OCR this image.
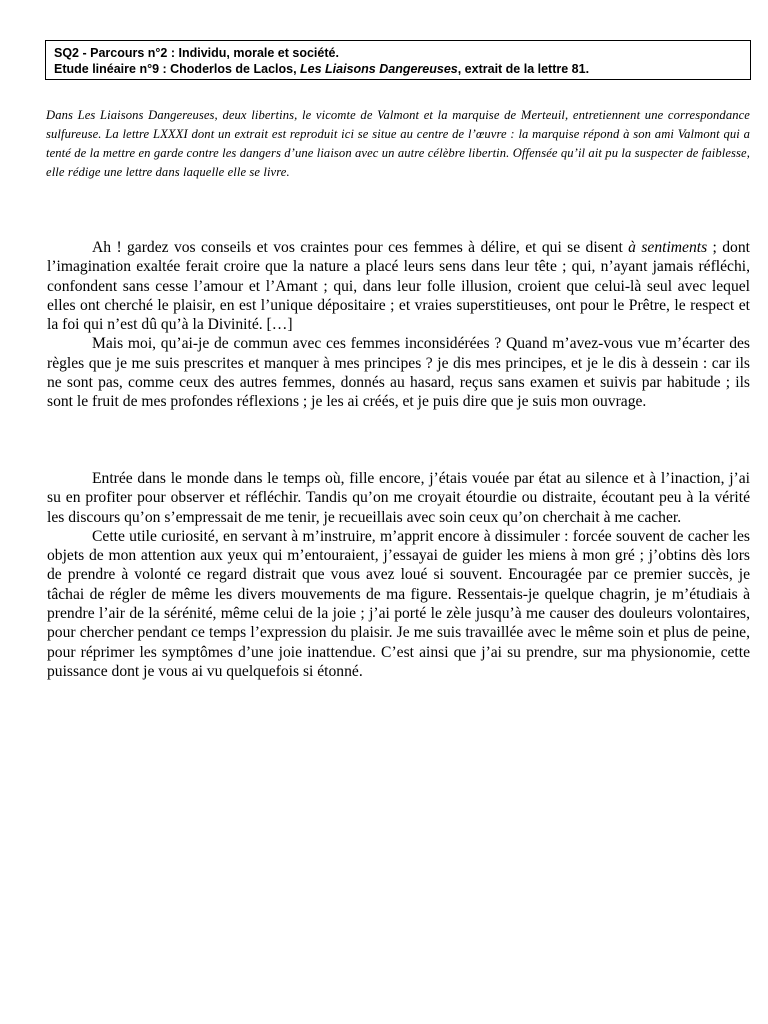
SQ2 - Parcours n°2 : Individu, morale et société.
Etude linéaire n°9 : Choderlos de Laclos, Les Liaisons Dangereuses, extrait de la lettre 81.
Dans Les Liaisons Dangereuses, deux libertins, le vicomte de Valmont et la marquise de Merteuil, entretiennent une correspondance sulfureuse. La lettre LXXXI dont un extrait est reproduit ici se situe au centre de l’œuvre : la marquise répond à son ami Valmont qui a tenté de la mettre en garde contre les dangers d’une liaison avec un autre célèbre libertin. Offensée qu’il ait pu la suspecter de faiblesse, elle rédige une lettre dans laquelle elle se livre.

Ah ! gardez vos conseils et vos craintes pour ces femmes à délire, et qui se disent à sentiments ; dont l’imagination exaltée ferait croire que la nature a placé leurs sens dans leur tête ; qui, n’ayant jamais réfléchi, confondent sans cesse l’amour et l’Amant ; qui, dans leur folle illusion, croient que celui-là seul avec lequel elles ont cherché le plaisir, en est l’unique dépositaire ; et vraies superstitieuses, ont pour le Prêtre, le respect et la foi qui n’est dû qu’à la Divinité. […]

Mais moi, qu’ai-je de commun avec ces femmes inconsidérées ? Quand m’avez-vous vue m’écarter des règles que je me suis prescrites et manquer à mes principes ? je dis mes principes, et je le dis à dessein : car ils ne sont pas, comme ceux des autres femmes, donnés au hasard, reçus sans examen et suivis par habitude ; ils sont le fruit de mes profondes réflexions ; je les ai créés, et je puis dire que je suis mon ouvrage.

Entrée dans le monde dans le temps où, fille encore, j’étais vouée par état au silence et à l’inaction, j’ai su en profiter pour observer et réfléchir. Tandis qu’on me croyait étourdie ou distraite, écoutant peu à la vérité les discours qu’on s’empressait de me tenir, je recueillais avec soin ceux qu’on cherchait à me cacher.

Cette utile curiosité, en servant à m’instruire, m’apprit encore à dissimuler : forcée souvent de cacher les objets de mon attention aux yeux qui m’entouraient, j’essayai de guider les miens à mon gré ; j’obtins dès lors de prendre à volonté ce regard distrait que vous avez loué si souvent. Encouragée par ce premier succès, je tâchai de régler de même les divers mouvements de ma figure. Ressentais-je quelque chagrin, je m’étudiais à prendre l’air de la sérénité, même celui de la joie ; j’ai porté le zèle jusqu’à me causer des douleurs volontaires, pour chercher pendant ce temps l’expression du plaisir. Je me suis travaillée avec le même soin et plus de peine, pour réprimer les symptômes d’une joie inattendue. C’est ainsi que j’ai su prendre, sur ma physionomie, cette puissance dont je vous ai vu quelquefois si étonné.
